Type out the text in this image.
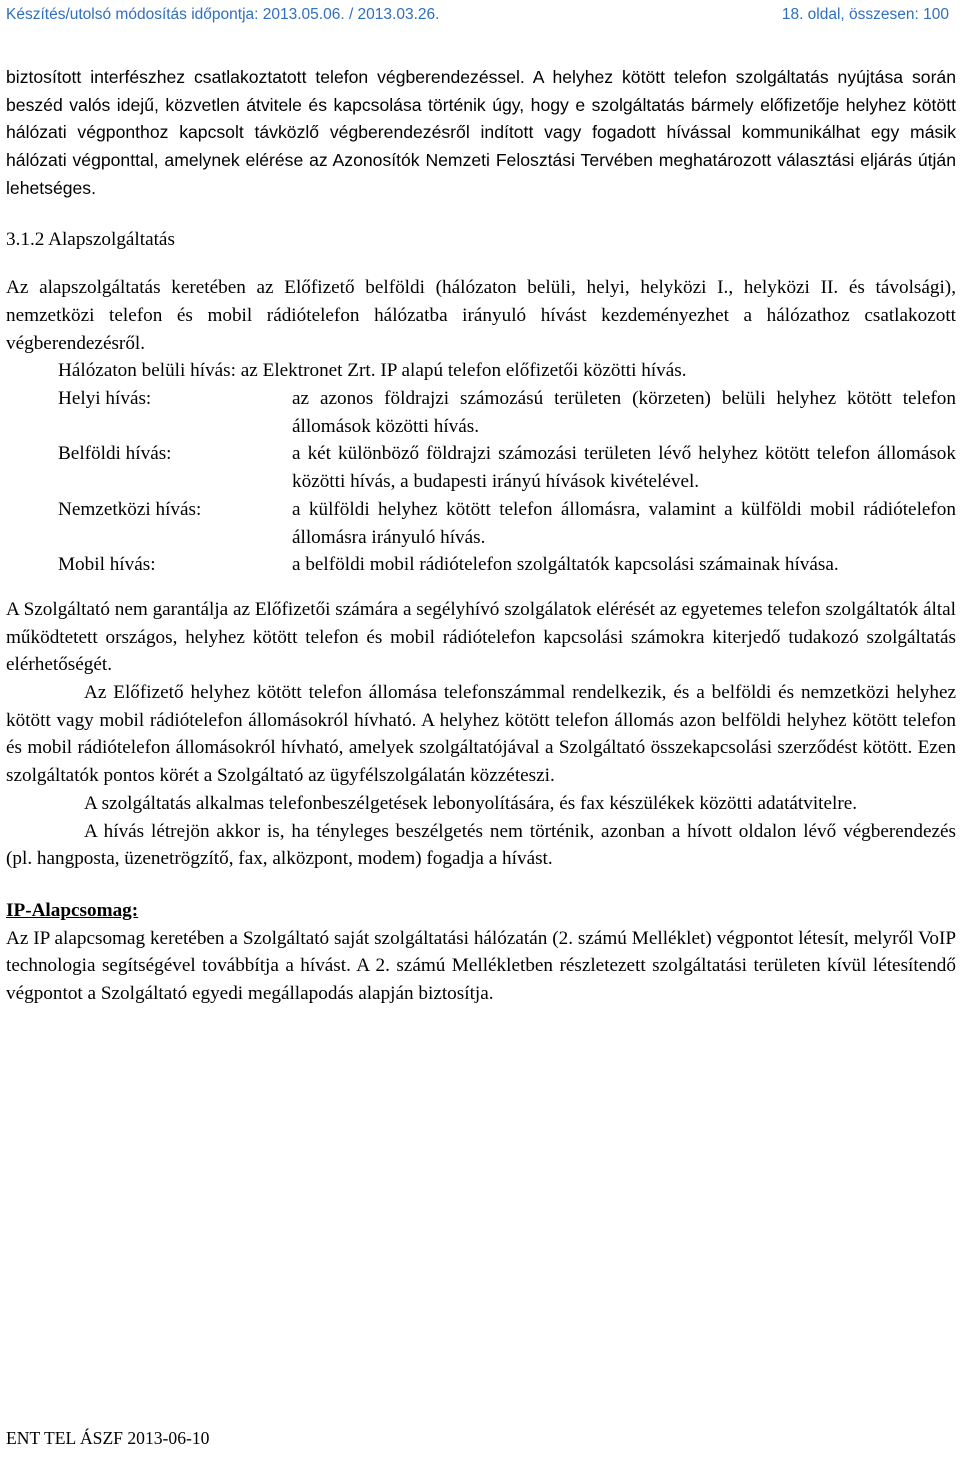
Készítés/utolsó módosítás időpontja: 2013.05.06. / 2013.03.26.	18. oldal, összesen: 100

biztosított interfészhez csatlakoztatott telefon végberendezéssel. A helyhez kötött telefon szolgáltatás nyújtása során beszéd valós idejű, közvetlen átvitele és kapcsolása történik úgy, hogy e szolgáltatás bármely előfizetője helyhez kötött hálózati végponthoz kapcsolt távközlő végberendezésről indított vagy fogadott hívással kommunikálhat egy másik hálózati végponttal, amelynek elérése az Azonosítók Nemzeti Felosztási Tervében meghatározott választási eljárás útján lehetséges.

3.1.2 Alapszolgáltatás

Az alapszolgáltatás keretében az Előfizető belföldi (hálózaton belüli, helyi, helyközi I., helyközi II. és távolsági), nemzetközi telefon és mobil rádiótelefon hálózatba irányuló hívást kezdeményezhet a hálózathoz csatlakozott végberendezésről.

Hálózaton belüli hívás: az Elektronet Zrt. IP alapú telefon előfizetői közötti hívás.
Helyi hívás:	az azonos földrajzi számozású területen (körzeten) belüli helyhez kötött telefon állomások közötti hívás.
Belföldi hívás:	a két különböző földrajzi számozási területen lévő helyhez kötött telefon állomások közötti hívás, a budapesti irányú hívások kivételével.
Nemzetközi hívás:	a külföldi helyhez kötött telefon állomásra, valamint a külföldi mobil rádiótelefon állomásra irányuló hívás.
Mobil hívás:	a belföldi mobil rádiótelefon szolgáltatók kapcsolási számainak hívása.

A Szolgáltató nem garantálja az Előfizetői számára a segélyhívó szolgálatok elérését az egyetemes telefon szolgáltatók által működtetett országos, helyhez kötött telefon és mobil rádiótelefon kapcsolási számokra kiterjedő tudakozó szolgáltatás elérhetőségét.

Az Előfizető helyhez kötött telefon állomása telefonszámmal rendelkezik, és a belföldi és nemzetközi helyhez kötött vagy mobil rádiótelefon állomásokról hívható. A helyhez kötött telefon állomás azon belföldi helyhez kötött telefon és mobil rádiótelefon állomásokról hívható, amelyek szolgáltatójával a Szolgáltató összekapcsolási szerződést kötött. Ezen szolgáltatók pontos körét a Szolgáltató az ügyfélszolgálatán közzéteszi.

A szolgáltatás alkalmas telefonbeszélgetések lebonyolítására, és fax készülékek közötti adatátvitelre.

A hívás létrejön akkor is, ha tényleges beszélgetés nem történik, azonban a hívott oldalon lévő végberendezés (pl. hangposta, üzenetrögzítő, fax, alközpont, modem) fogadja a hívást.

IP-Alapcsomag:

Az IP alapcsomag keretében a Szolgáltató saját szolgáltatási hálózatán (2. számú Melléklet) végpontot létesít, melyről VoIP technologia segítségével továbbítja a hívást. A 2. számú Mellékletben részletezett szolgáltatási területen kívül létesítendő végpontot a Szolgáltató egyedi megállapodás alapján biztosítja.

ENT TEL ÁSZF 2013-06-10
